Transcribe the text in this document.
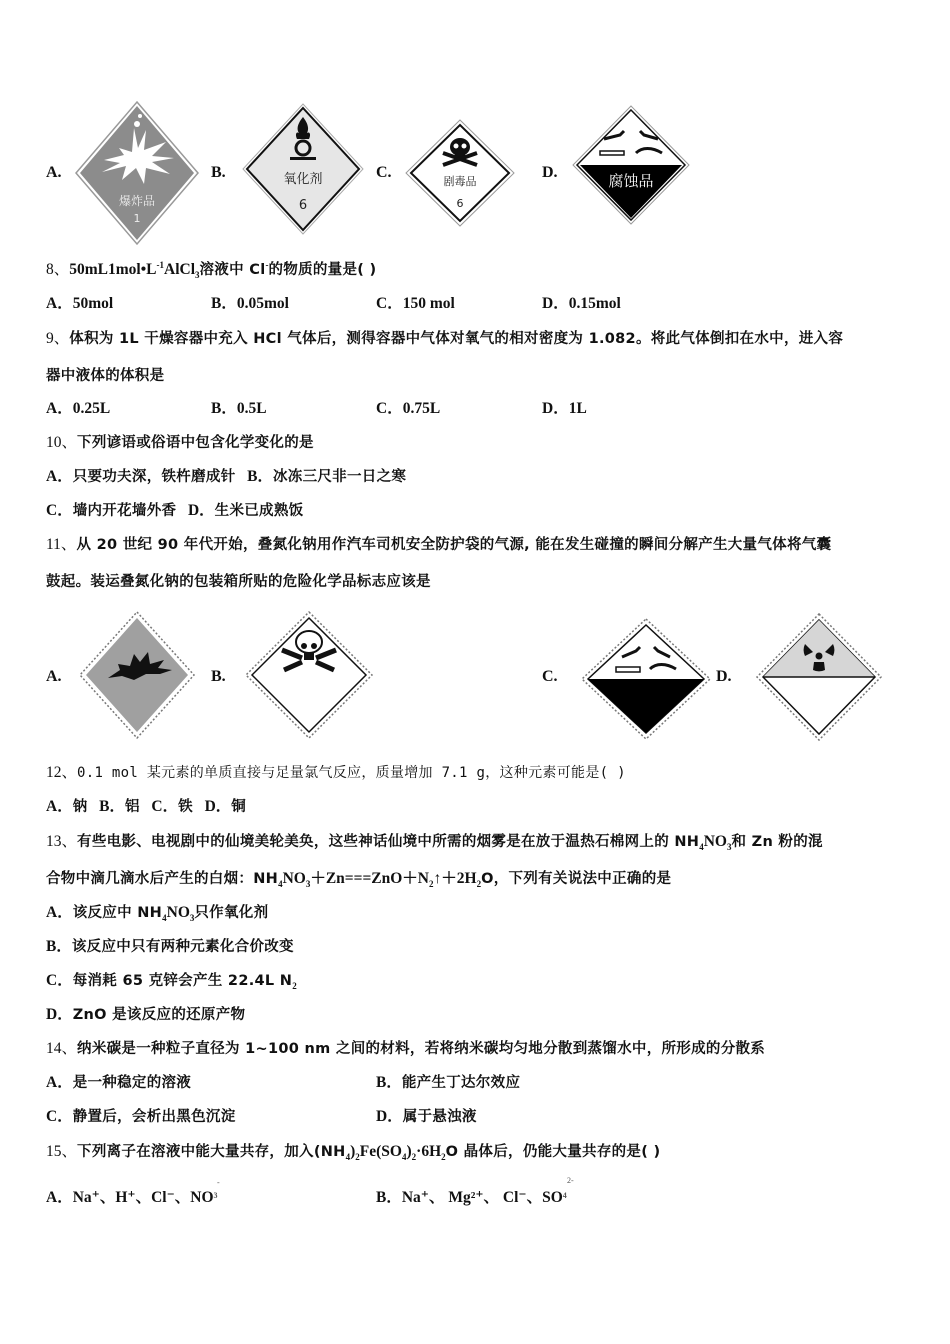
A.
爆炸品
1
B.	氧化剂
6
C.
剧毒品
6
D.	腐蚀品
8、$50mL1mol•L^{-1}AlCl_3$溶液中 Cl-的物质的量是( )
A．50mol	B．0.05mol	C．150 mol	D．0.15mol
9、体积为 1L 干燥容器中充入 HCl 气体后，测得容器中气体对氧气的相对密度为 1.082。将此气体倒扣在水中，进入容
器中液体的体积是
A．0.25L	B．0.5L	C．0.75L	D．1L
10、下列谚语或俗语中包含化学变化的是
A．只要功夫深，铁杵磨成针 B．冰冻三尺非一日之寒
C．墙内开花墙外香 D．生米已成熟饭
11、从 20 世纪 90 年代开始，叠氮化钠用作汽车司机安全防护袋的气源, 能在发生碰撞的瞬间分解产生大量气体将气囊
鼓起。装运叠氮化钠的包装箱所贴的危险化学品标志应该是
A.	B.	C.	D.
12、0.1 mol 某元素的单质直接与足量氯气反应，质量增加 7.1 g，这种元素可能是( )
A．钠 B．铝 C．铁 D．铜
13、有些电影、电视剧中的仙境美轮美奂，这些神话仙境中所需的烟雾是在放于温热石棉网上的 $NH_4NO_3$和 Zn 粉的混
合物中滴几滴水后产生的白烟：$NH_4NO_3+Zn===ZnO+N_2↑+2H_2O$，下列有关说法中正确的是
A．该反应中 $NH_4NO_3$只作氧化剂
B．该反应中只有两种元素化合价改变
C．每消耗 65 克锌会产生 22.4L $N_2$
D．ZnO 是该反应的还原产物
14、纳米碳是一种粒子直径为 1~100 nm 之间的材料，若将纳米碳均匀地分散到蒸馏水中，所形成的分散系
A．是一种稳定的溶液	B．能产生丁达尔效应
C．静置后，会析出黑色沉淀	D．属于悬浊液
15、下列离子在溶液中能大量共存，加入$(NH_4)_2Fe(SO_4)_2\cdot 6H_2O$ 晶体后，仍能大量共存的是( )
A．Na⁺、H⁺、Cl⁻、$NO^3$
-
B．Na⁺、 Mg²⁺、 Cl⁻、$SO^4$
2-
